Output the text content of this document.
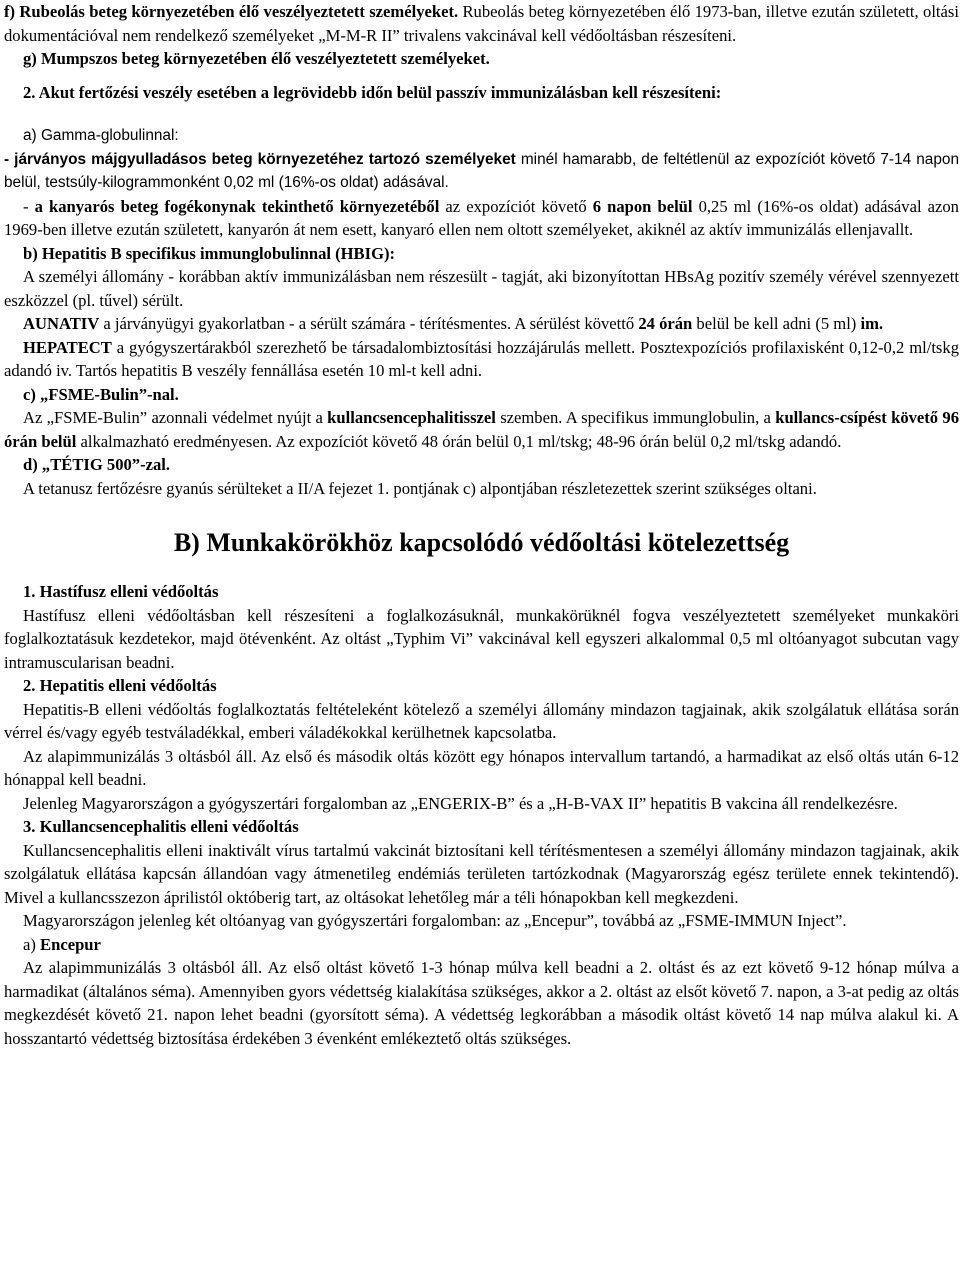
f) Rubeolás beteg környezetében élő veszélyeztetett személyeket. Rubeolás beteg környezetében élő 1973-ban, illetve ezután született, oltási dokumentációval nem rendelkező személyeket „M-M-R II” trivalens vakcinával kell védőoltásban részesíteni.

g) Mumpszos beteg környezetében élő veszélyeztetett személyeket.

2. Akut fertőzési veszély esetében a legrövidebb időn belül passzív immunizálásban kell részesíteni:

a) Gamma-globulinnal:

- járványos májgyulladásos beteg környezetéhez tartozó személyeket minél hamarabb, de feltétlenül az expozíciót követő 7-14 napon belül, testsúly-kilogrammonként 0,02 ml (16%-os oldat) adásával.

- a kanyarós beteg fogékonynak tekinthető környezetéből az expozíciót követő 6 napon belül 0,25 ml (16%-os oldat) adásával azon 1969-ben illetve ezután született, kanyarón át nem esett, kanyaró ellen nem oltott személyeket, akiknél az aktív immunizálás ellenjavallt.

b) Hepatitis B specifikus immunglobulinnal (HBIG):

A személyi állomány - korábban aktív immunizálásban nem részesült - tagját, aki bizonyítottan HBsAg pozitív személy vérével szennyezett eszközzel (pl. tűvel) sérült.

AUNATIV a járványügyi gyakorlatban - a sérült számára - térítésmentes. A sérülést követtő 24 órán belül be kell adni (5 ml) im.

HEPATECT a gyógyszertárakból szerezhető be társadalombiztosítási hozzájárulás mellett. Posztexpozíciós profilaxisként 0,12-0,2 ml/tskg adandó iv. Tartós hepatitis B veszély fennállása esetén 10 ml-t kell adni.

c) „FSME-Bulin”-nal.

Az „FSME-Bulin” azonnali védelmet nyújt a kullancsencephalitisszel szemben. A specifikus immunglobulin, a kullancs-csípést követő 96 órán belül alkalmazható eredményesen. Az expozíciót követő 48 órán belül 0,1 ml/tskg; 48-96 órán belül 0,2 ml/tskg adandó.

d) „TÉTIG 500”-zal.

A tetanusz fertőzésre gyanús sérülteket a II/A fejezet 1. pontjának c) alpontjában részletezettek szerint szükséges oltani.

B) Munkakörökhöz kapcsolódó védőoltási kötelezettség

1. Hastífusz elleni védőoltás

Hastífusz elleni védőoltásban kell részesíteni a foglalkozásuknál, munkakörüknél fogva veszélyeztetett személyeket munkaköri foglalkoztatásuk kezdetekor, majd ötévenként. Az oltást „Typhim Vi” vakcinával kell egyszeri alkalommal 0,5 ml oltóanyagot subcutan vagy intramuscularisan beadni.

2. Hepatitis elleni védőoltás

Hepatitis-B elleni védőoltás foglalkoztatás feltételeként kötelező a személyi állomány mindazon tagjainak, akik szolgálatuk ellátása során vérrel és/vagy egyéb testváladékkal, emberi váladékokkal kerülhetnek kapcsolatba.

Az alapimmunizálás 3 oltásból áll. Az első és második oltás között egy hónapos intervallum tartandó, a harmadikat az első oltás után 6-12 hónappal kell beadni.

Jelenleg Magyarországon a gyógyszertári forgalomban az „ENGERIX-B” és a „H-B-VAX II” hepatitis B vakcina áll rendelkezésre.

3. Kullancsencephalitis elleni védőoltás

Kullancsencephalitis elleni inaktivált vírus tartalmú vakcinát biztosítani kell térítésmentesen a személyi állomány mindazon tagjainak, akik szolgálatuk ellátása kapcsán állandóan vagy átmenetileg endémiás területen tartózkodnak (Magyarország egész területe ennek tekintendő). Mivel a kullancsszezon áprilistól októberig tart, az oltásokat lehetőleg már a téli hónapokban kell megkezdeni.

Magyarországon jelenleg két oltóanyag van gyógyszertári forgalomban: az „Encepur”, továbbá az „FSME-IMMUN Inject”.

a) Encepur

Az alapimmunizálás 3 oltásból áll. Az első oltást követő 1-3 hónap múlva kell beadni a 2. oltást és az ezt követő 9-12 hónap múlva a harmadikat (általános séma). Amennyiben gyors védettség kialakítása szükséges, akkor a 2. oltást az elsőt követő 7. napon, a 3-at pedig az oltás megkezdését követő 21. napon lehet beadni (gyorsított séma). A védettség legkorábban a második oltást követő 14 nap múlva alakul ki. A hosszantartó védettség biztosítása érdekében 3 évenként emlékeztető oltás szükséges.
